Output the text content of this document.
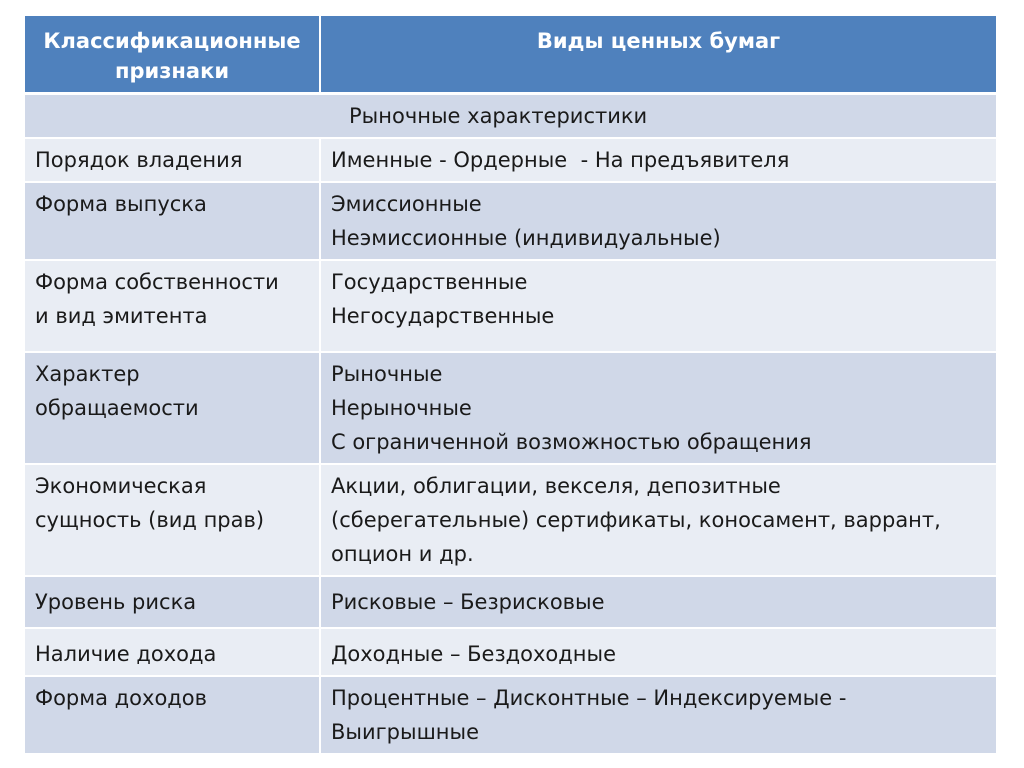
Классификационные признаки	Виды ценных бумаг
Рыночные характеристики	

Порядок владения	Именные - Ордерные  - На предъявителя

Форма выпуска	Эмиссионные
Неэмиссионные (индивидуальные)

Форма собственности
и вид эмитента	Государственные
Негосударственные

Характер
обращаемости	Рыночные
Нерыночные
С ограниченной возможностью обращения

Экономическая
сущность (вид прав)	Акции, облигации, векселя, депозитные
(сберегательные) сертификаты, коносамент, варрант,
опцион и др.

Уровень риска	Рисковые – Безрисковые

Наличие дохода	Доходные – Бездоходные

Форма доходов	Процентные – Дисконтные – Индексируемые -
Выигрышные
